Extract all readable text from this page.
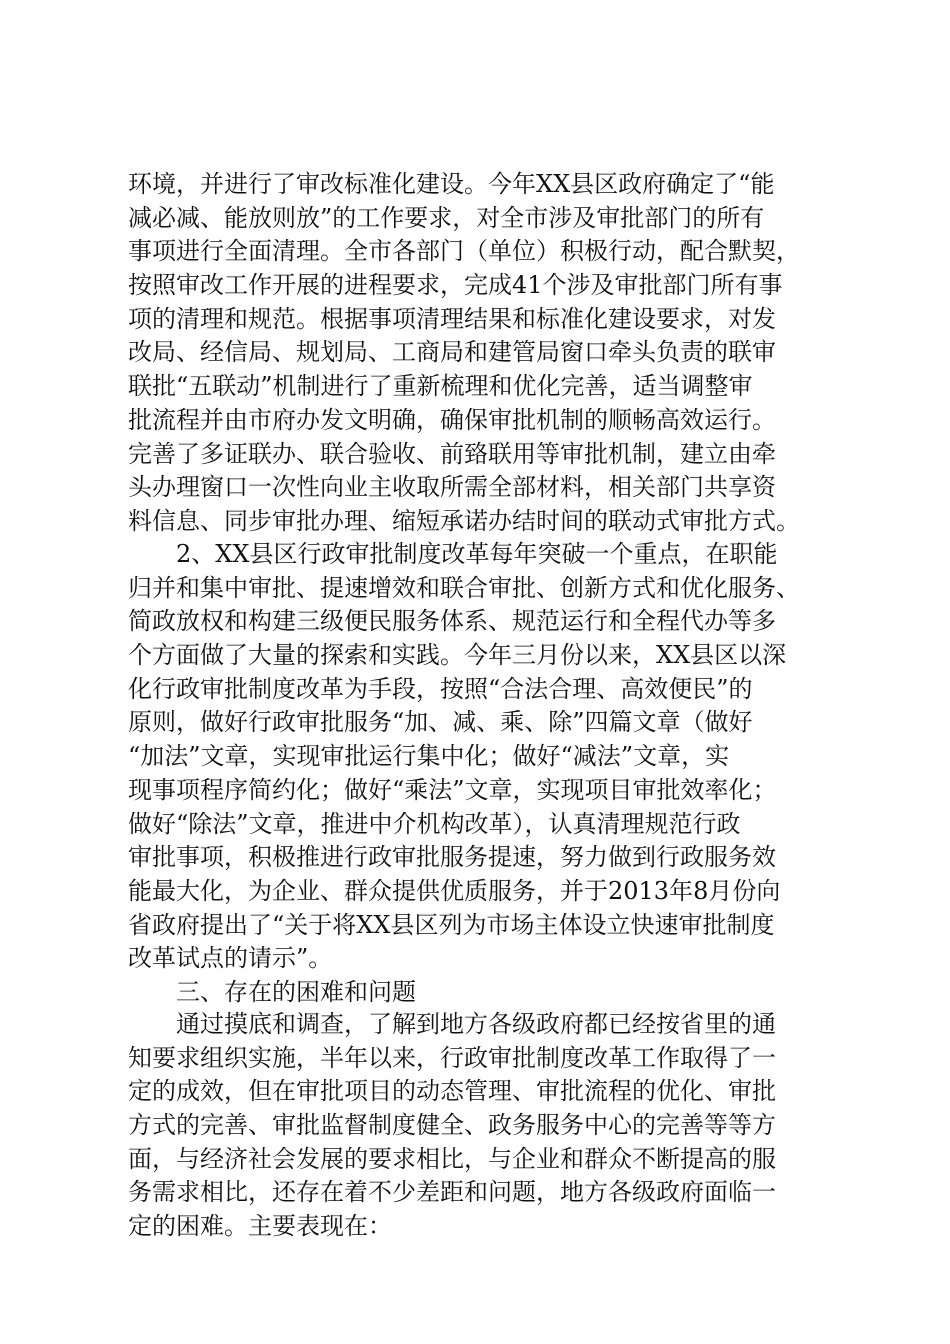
环境，并进行了审改标准化建设。今年XX县区政府确定了“能
减必减、能放则放”的工作要求，对全市涉及审批部门的所有
事项进行全面清理。全市各部门（单位）积极行动，配合默契，
按照审改工作开展的进程要求，完成41个涉及审批部门所有事
项的清理和规范。根据事项清理结果和标准化建设要求，对发
改局、经信局、规划局、工商局和建管局窗口牵头负责的联审
联批“五联动”机制进行了重新梳理和优化完善，适当调整审
批流程并由市府办发文明确，确保审批机制的顺畅高效运行。
完善了多证联办、联合验收、前臵联用等审批机制，建立由牵
头办理窗口一次性向业主收取所需全部材料，相关部门共享资
料信息、同步审批办理、缩短承诺办结时间的联动式审批方式。
2、XX县区行政审批制度改革每年突破一个重点，在职能
归并和集中审批、提速增效和联合审批、创新方式和优化服务、
简政放权和构建三级便民服务体系、规范运行和全程代办等多
个方面做了大量的探索和实践。今年三月份以来，XX县区以深
化行政审批制度改革为手段，按照“合法合理、高效便民”的
原则，做好行政审批服务“加、减、乘、除”四篇文章（做好
“加法”文章，实现审批运行集中化；做好“减法”文章，实
现事项程序简约化；做好“乘法”文章，实现项目审批效率化；
做好“除法”文章，推进中介机构改革），认真清理规范行政
审批事项，积极推进行政审批服务提速，努力做到行政服务效
能最大化，为企业、群众提供优质服务，并于2013年8月份向
省政府提出了“关于将XX县区列为市场主体设立快速审批制度
改革试点的请示”。
三、存在的困难和问题
通过摸底和调查，了解到地方各级政府都已经按省里的通
知要求组织实施，半年以来，行政审批制度改革工作取得了一
定的成效，但在审批项目的动态管理、审批流程的优化、审批
方式的完善、审批监督制度健全、政务服务中心的完善等等方
面，与经济社会发展的要求相比，与企业和群众不断提高的服
务需求相比，还存在着不少差距和问题，地方各级政府面临一
定的困难。主要表现在：
